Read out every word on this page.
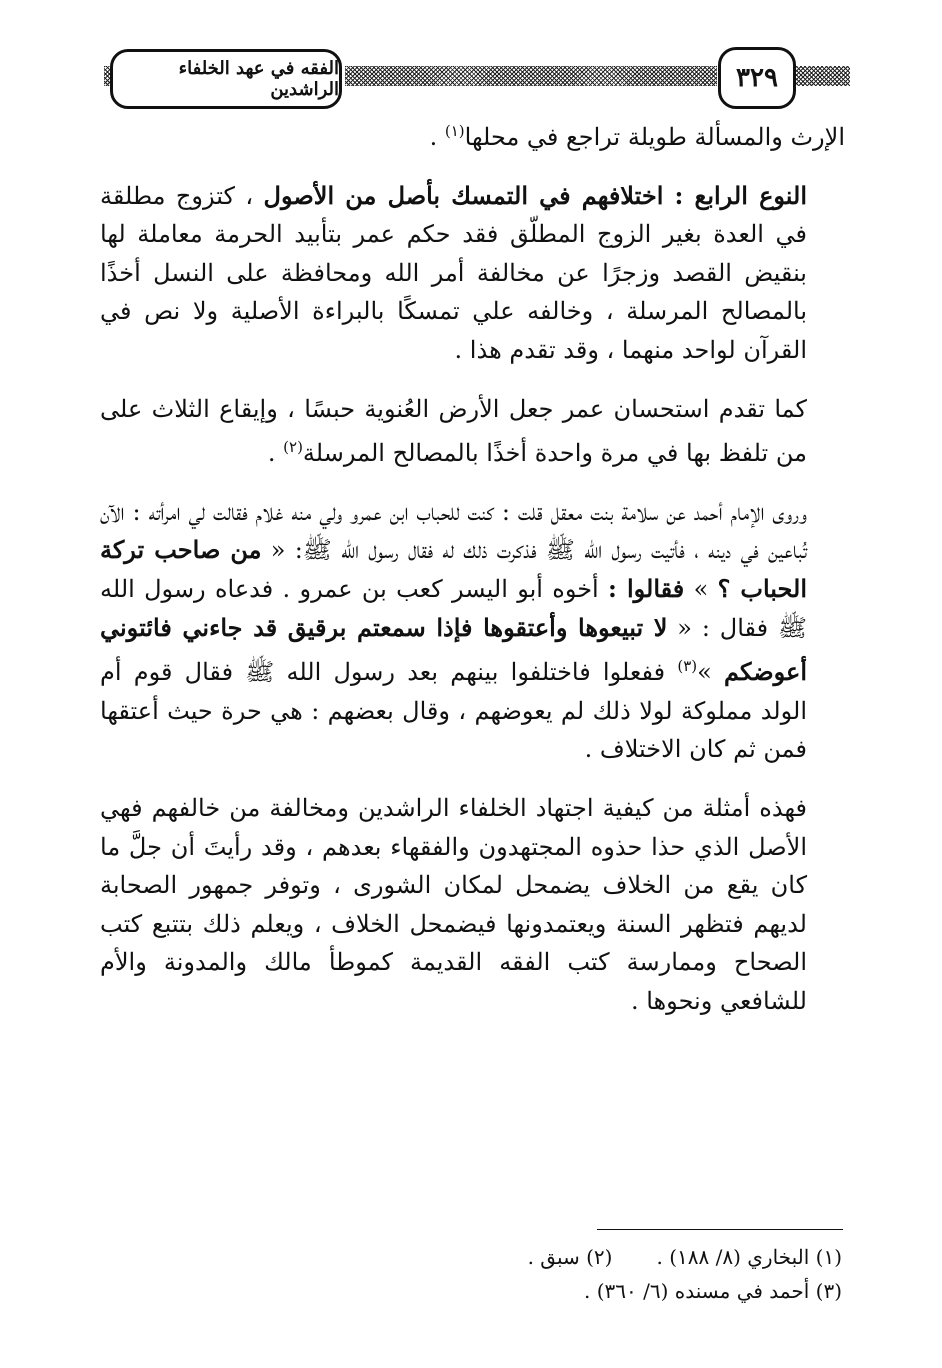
الفقه في عهد الخلفاء الراشدين	٣٢٩

الإرث والمسألة طويلة تراجع في محلها$^{(١)}$ .

النوع الرابع : اختلافهم في التمسك بأصل من الأصول ، كتزوج مطلقة في العدة بغير الزوج المطلّق فقد حكم عمر بتأبيد الحرمة معاملة لها بنقيض القصد وزجرًا عن مخالفة أمر الله ومحافظة على النسل أخذًا بالمصالح المرسلة ، وخالفه علي تمسكًا بالبراءة الأصلية ولا نص في القرآن لواحد منهما ، وقد تقدم هذا .

كما تقدم استحسان عمر جعل الأرض العُنوية حبسًا ، وإيقاع الثلاث على من تلفظ بها في مرة واحدة أخذًا بالمصالح المرسلة$^{(٢)}$ .

وروى الإمام أحمد عن سلامة بنت معقل قلت : كنت للحباب ابن عمرو ولي منه غلام فقالت لي امرأته : الآن تُباعين في دينه ، فأتيت رسول الله ﷺ فذكرت ذلك له فقال رسول الله ﷺ: « من صاحب تركة الحباب ؟ » فقالوا : أخوه أبو اليسر كعب بن عمرو . فدعاه رسول الله ﷺ فقال : « لا تبيعوها وأعتقوها فإذا سمعتم برقيق قد جاءني فائتوني أعوضكم »$^{(٣)}$ ففعلوا فاختلفوا بينهم بعد رسول الله ﷺ فقال قوم أم الولد مملوكة لولا ذلك لم يعوضهم ، وقال بعضهم : هي حرة حيث أعتقها فمن ثم كان الاختلاف .

فهذه أمثلة من كيفية اجتهاد الخلفاء الراشدين ومخالفة من خالفهم فهي الأصل الذي حذا حذوه المجتهدون والفقهاء بعدهم ، وقد رأيتَ أن جلَّ ما كان يقع من الخلاف يضمحل لمكان الشورى ، وتوفر جمهور الصحابة لديهم فتظهر السنة ويعتمدونها فيضمحل الخلاف ، ويعلم ذلك بتتبع كتب الصحاح وممارسة كتب الفقه القديمة كموطأ مالك والمدونة والأم للشافعي ونحوها .

(١) البخاري (٨/ ١٨٨) .(٢) سبق .
(٣) أحمد في مسنده (٦/ ٣٦٠) .
